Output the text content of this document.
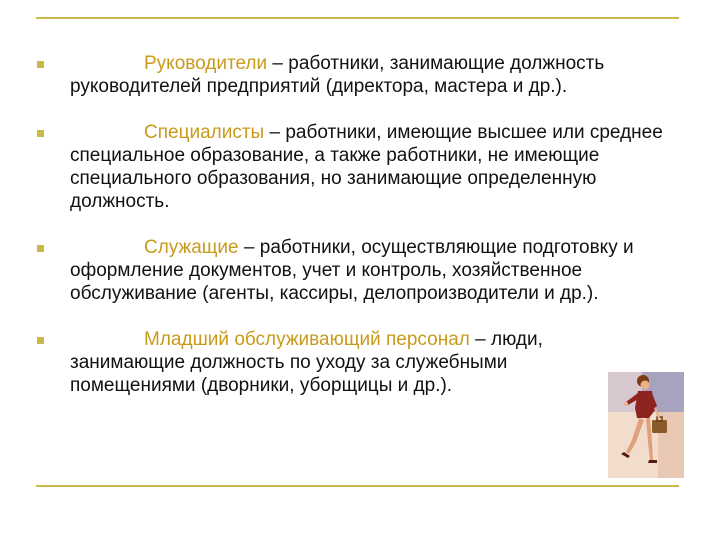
Руководители – работники, занимающие должность руководителей предприятий (директора, мастера и др.).
Специалисты – работники, имеющие высшее или среднее специальное образование, а также работники, не имеющие специального образования, но занимающие определенную должность.
Служащие – работники, осуществляющие подготовку и оформление документов, учет и контроль, хозяйственное обслуживание (агенты, кассиры, делопроизводители и др.).
Младший обслуживающий персонал – люди, занимающие должность по уходу за служебными помещениями (дворники, уборщицы и др.).
